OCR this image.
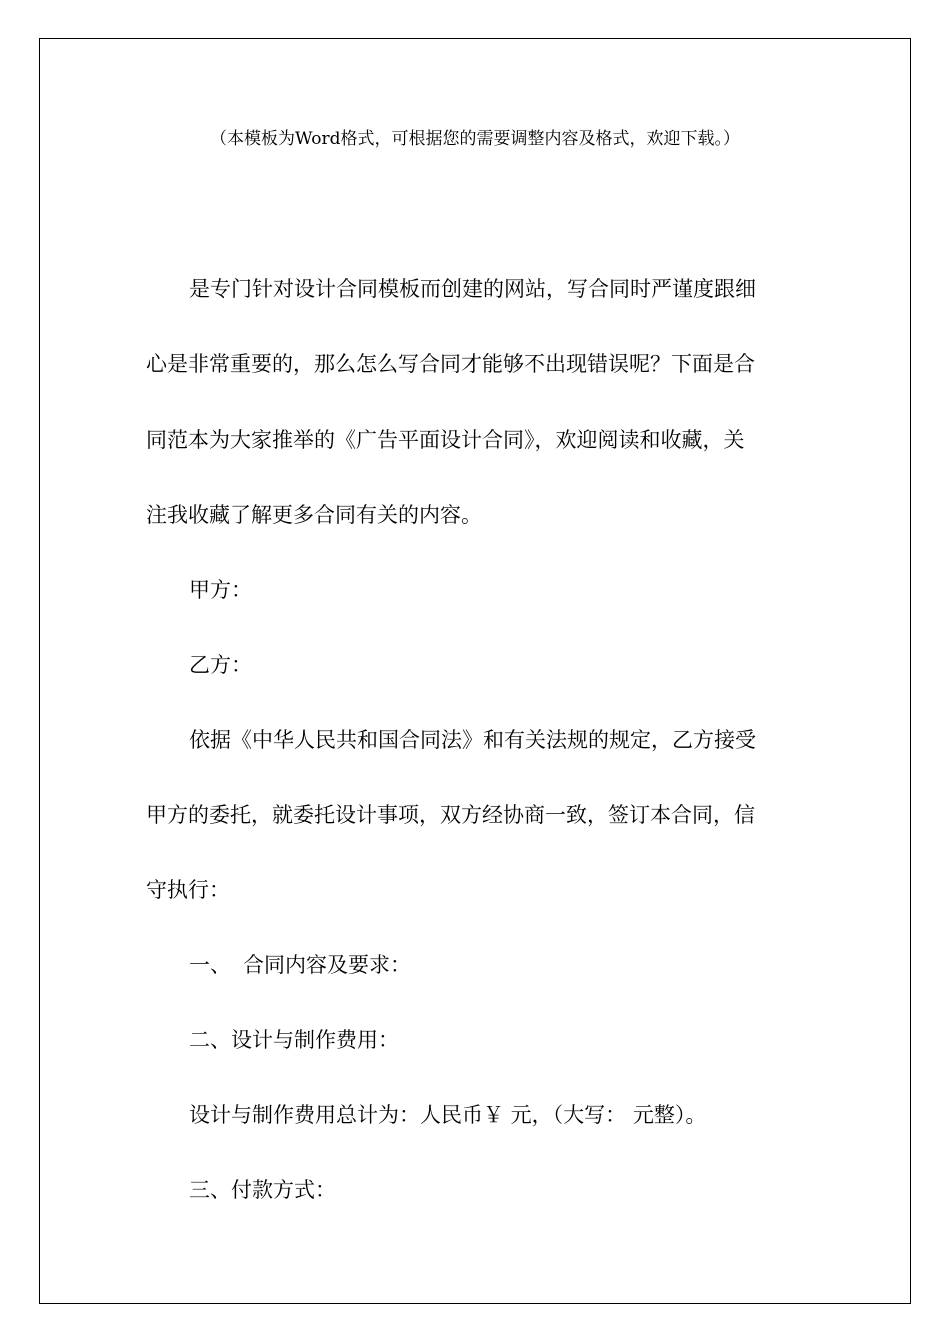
（本模板为Word格式，可根据您的需要调整内容及格式，欢迎下载。）
是专门针对设计合同模板而创建的网站，写合同时严谨度跟细
心是非常重要的，那么怎么写合同才能够不出现错误呢？下面是合
同范本为大家推举的《广告平面设计合同》，欢迎阅读和收藏，关
注我收藏了解更多合同有关的内容。
甲方：
乙方：
依据《中华人民共和国合同法》和有关法规的规定，乙方接受
甲方的委托，就委托设计事项，双方经协商一致，签订本合同，信
守执行：
一、 合同内容及要求：
二、设计与制作费用：
设计与制作费用总计为：人民币￥ 元，（大写： 元整）。
三、付款方式：
